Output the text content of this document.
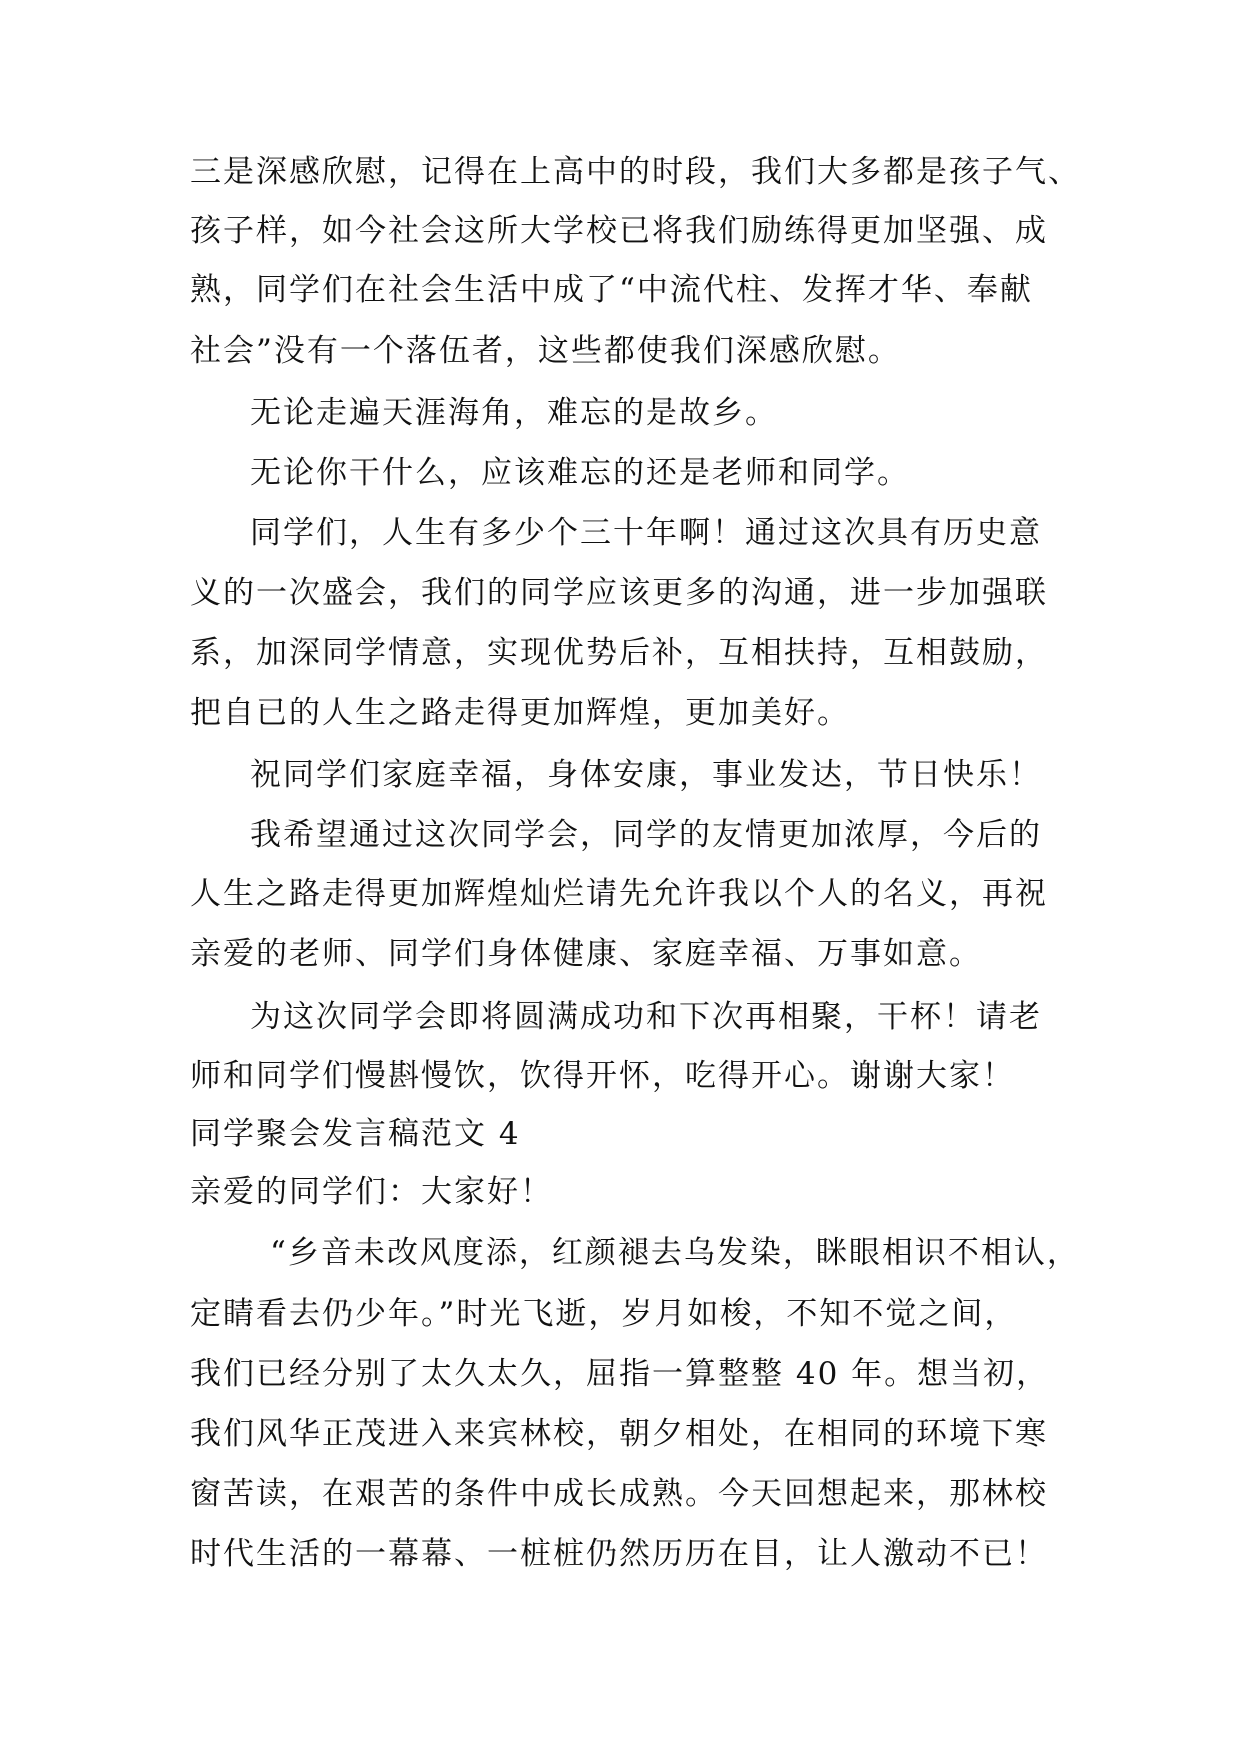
三是深感欣慰，记得在上高中的时段，我们大多都是孩子气、
孩子样，如今社会这所大学校已将我们励练得更加坚强、成
熟，同学们在社会生活中成了“中流代柱、发挥才华、奉献
社会”没有一个落伍者，这些都使我们深感欣慰。
无论走遍天涯海角，难忘的是故乡。
无论你干什么，应该难忘的还是老师和同学。
同学们，人生有多少个三十年啊！通过这次具有历史意
义的一次盛会，我们的同学应该更多的沟通，进一步加强联
系，加深同学情意，实现优势后补，互相扶持，互相鼓励，
把自已的人生之路走得更加辉煌，更加美好。
祝同学们家庭幸福，身体安康，事业发达，节日快乐！
我希望通过这次同学会，同学的友情更加浓厚，今后的
人生之路走得更加辉煌灿烂请先允许我以个人的名义，再祝
亲爱的老师、同学们身体健康、家庭幸福、万事如意。
为这次同学会即将圆满成功和下次再相聚，干杯！请老
师和同学们慢斟慢饮，饮得开怀，吃得开心。谢谢大家！
同学聚会发言稿范文 4
亲爱的同学们：大家好！
“乡音未改风度添，红颜褪去乌发染，眯眼相识不相认，
定睛看去仍少年。”时光飞逝，岁月如梭，不知不觉之间，
我们已经分别了太久太久，屈指一算整整 40 年。想当初，
我们风华正茂进入来宾林校，朝夕相处，在相同的环境下寒
窗苦读，在艰苦的条件中成长成熟。今天回想起来，那林校
时代生活的一幕幕、一桩桩仍然历历在目，让人激动不已！
